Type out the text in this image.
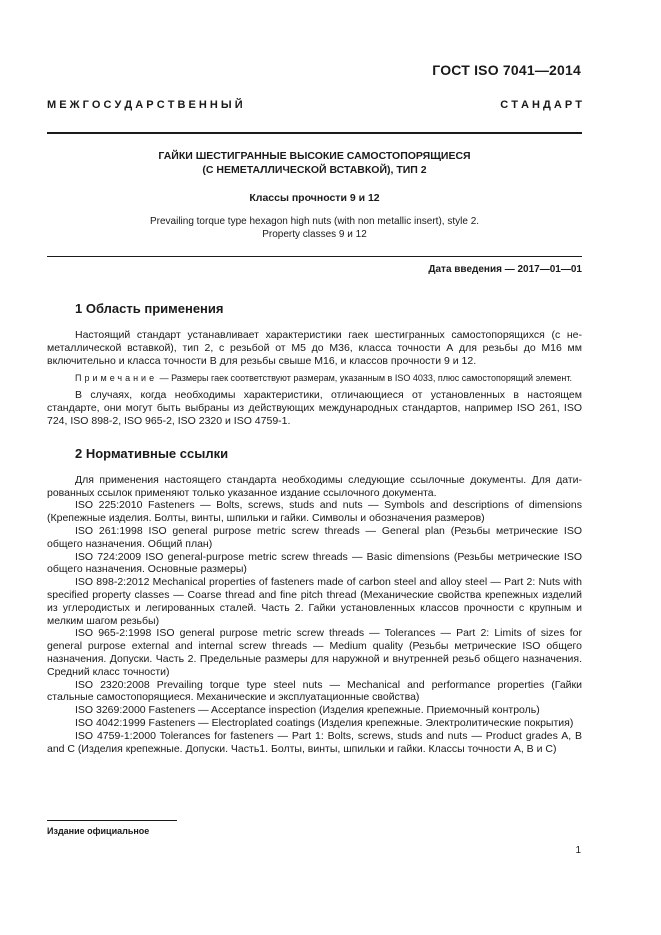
ГОСТ ISO 7041—2014
М Е Ж Г О С У Д А Р С Т В Е Н Н Ы Й	С Т А Н Д А Р Т

ГАЙКИ ШЕСТИГРАННЫЕ ВЫСОКИЕ САМОСТОПОРЯЩИЕСЯ

(С НЕМЕТАЛЛИЧЕСКОЙ ВСТАВКОЙ), ТИП 2

Классы прочности 9 и 12

Prevailing torque type hexagon high nuts (with non metallic insert), style 2.

Property classes 9 и 12

Дата введения — 2017—01—01
1 Область применения

Настоящий стандарт устанавливает характеристики гаек шестигранных самостопорящихся (с неметаллической вставкой), тип 2, с резьбой от М5 до М36, класса точности А для резьбы до М16 мм включительно и класса точности В для резьбы свыше М16, и классов прочности 9 и 12.

Примечание — Размеры гаек соответствуют размерам, указанным в ISO 4033, плюс самостопорящий элемент.

В случаях, когда необходимы характеристики, отличающиеся от установленных в настоящем стандарте, они могут быть выбраны из действующих международных стандартов, например ISO 261, ISO 724, ISO 898-2, ISO 965-2, ISO 2320 и ISO 4759-1.

2 Нормативные ссылки

Для применения настоящего стандарта необходимы следующие ссылочные документы. Для датированных ссылок применяют только указанное издание ссылочного документа.

ISO 225:2010 Fasteners — Bolts, screws, studs and nuts — Symbols and descriptions of dimensions (Крепежные изделия. Болты, винты, шпильки и гайки. Символы и обозначения размеров)

ISO 261:1998 ISO general purpose metric screw threads — General plan (Резьбы метрические ISO общего назначения. Общий план)

ISO 724:2009 ISO general-purpose metric screw threads — Basic dimensions (Резьбы метрические ISO общего назначения. Основные размеры)

ISO 898-2:2012 Mechanical properties of fasteners made of carbon steel and alloy steel — Part 2: Nuts with specified property classes — Coarse thread and fine pitch thread (Механические свойства крепежных изделий из углеродистых и легированных сталей. Часть 2. Гайки установленных классов прочности с крупным и мелким шагом резьбы)

ISO 965-2:1998 ISO general purpose metric screw threads — Tolerances — Part 2: Limits of sizes for general purpose external and internal screw threads — Medium quality (Резьбы метрические ISO общего назначения. Допуски. Часть 2. Предельные размеры для наружной и внутренней резьб общего назначения. Средний класс точности)

ISO 2320:2008 Prevailing torque type steel nuts — Mechanical and performance properties (Гайки стальные самостопорящиеся. Механические и эксплуатационные свойства)

ISO 3269:2000 Fasteners — Acceptance inspection (Изделия крепежные. Приемочный контроль)

ISO 4042:1999 Fasteners — Electroplated coatings (Изделия крепежные. Электролитические покрытия)

ISO 4759-1:2000 Tolerances for fasteners — Part 1: Bolts, screws, studs and nuts — Product grades A, B and C (Изделия крепежные. Допуски. Часть1. Болты, винты, шпильки и гайки. Классы точности А, В и С)

Издание официальное
1
